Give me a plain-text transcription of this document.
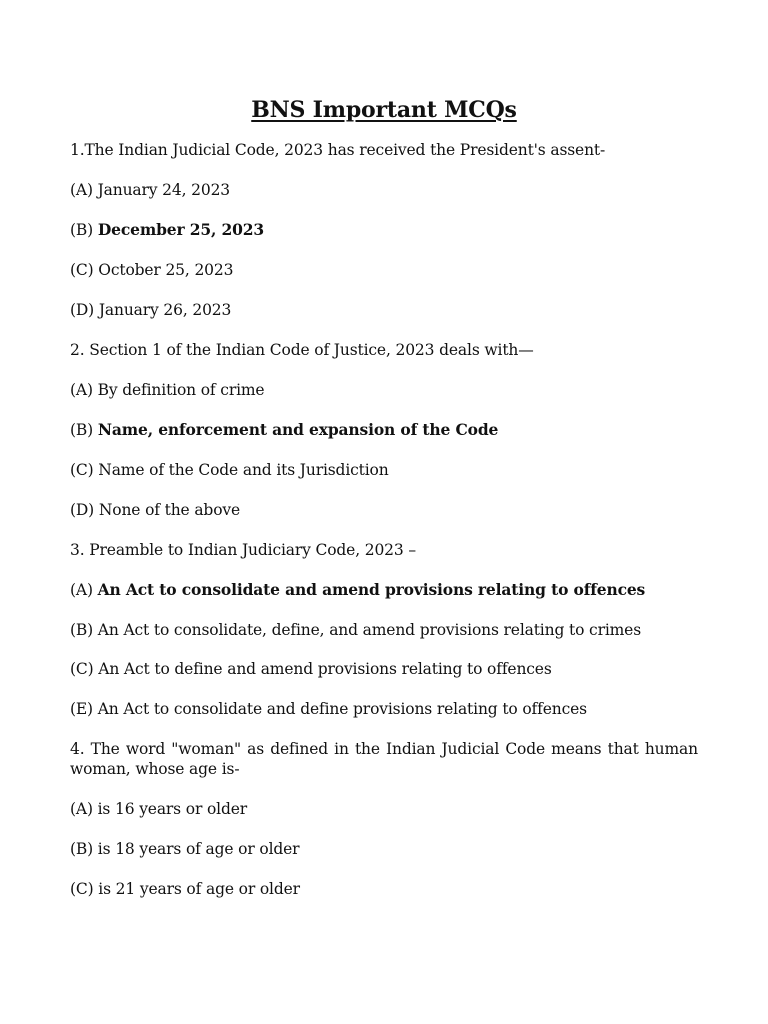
BNS Important MCQs
1.The Indian Judicial Code, 2023 has received the President's assent-
(A) January 24, 2023
(B) December 25, 2023
(C) October 25, 2023
(D) January 26, 2023
2. Section 1 of the Indian Code of Justice, 2023 deals with—
(A) By definition of crime
(B) Name, enforcement and expansion of the Code
(C) Name of the Code and its Jurisdiction
(D) None of the above
3. Preamble to Indian Judiciary Code, 2023 –
(A) An Act to consolidate and amend provisions relating to offences
(B) An Act to consolidate, define, and amend provisions relating to crimes
(C) An Act to define and amend provisions relating to offences
(E) An Act to consolidate and define provisions relating to offences
4. The word "woman" as defined in the Indian Judicial Code means that human woman, whose age is-
(A) is 16 years or older
(B) is 18 years of age or older
(C) is 21 years of age or older
